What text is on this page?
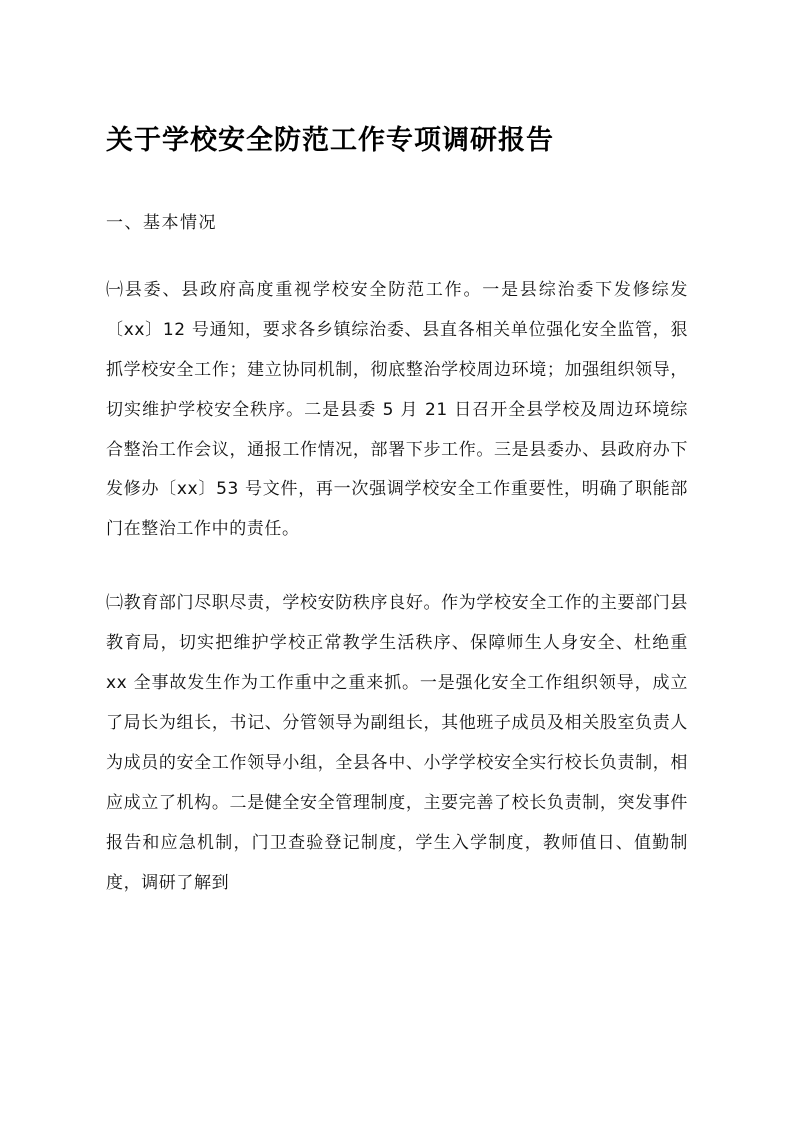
关于学校安全防范工作专项调研报告
一、基本情况

㈠县委、县政府高度重视学校安全防范工作。一是县综治委下发修综发〔xx〕12 号通知，要求各乡镇综治委、县直各相关单位强化安全监管，狠抓学校安全工作；建立协同机制，彻底整治学校周边环境；加强组织领导，切实维护学校安全秩序。二是县委 5 月 21 日召开全县学校及周边环境综合整治工作会议，通报工作情况，部署下步工作。三是县委办、县政府办下发修办〔xx〕53 号文件，再一次强调学校安全工作重要性，明确了职能部门在整治工作中的责任。

㈡教育部门尽职尽责，学校安防秩序良好。作为学校安全工作的主要部门县教育局，切实把维护学校正常教学生活秩序、保障师生人身安全、杜绝重 xx 全事故发生作为工作重中之重来抓。一是强化安全工作组织领导，成立了局长为组长，书记、分管领导为副组长，其他班子成员及相关股室负责人为成员的安全工作领导小组，全县各中、小学学校安全实行校长负责制，相应成立了机构。二是健全安全管理制度，主要完善了校长负责制，突发事件报告和应急机制，门卫查验登记制度，学生入学制度，教师值日、值勤制度，调研了解到
